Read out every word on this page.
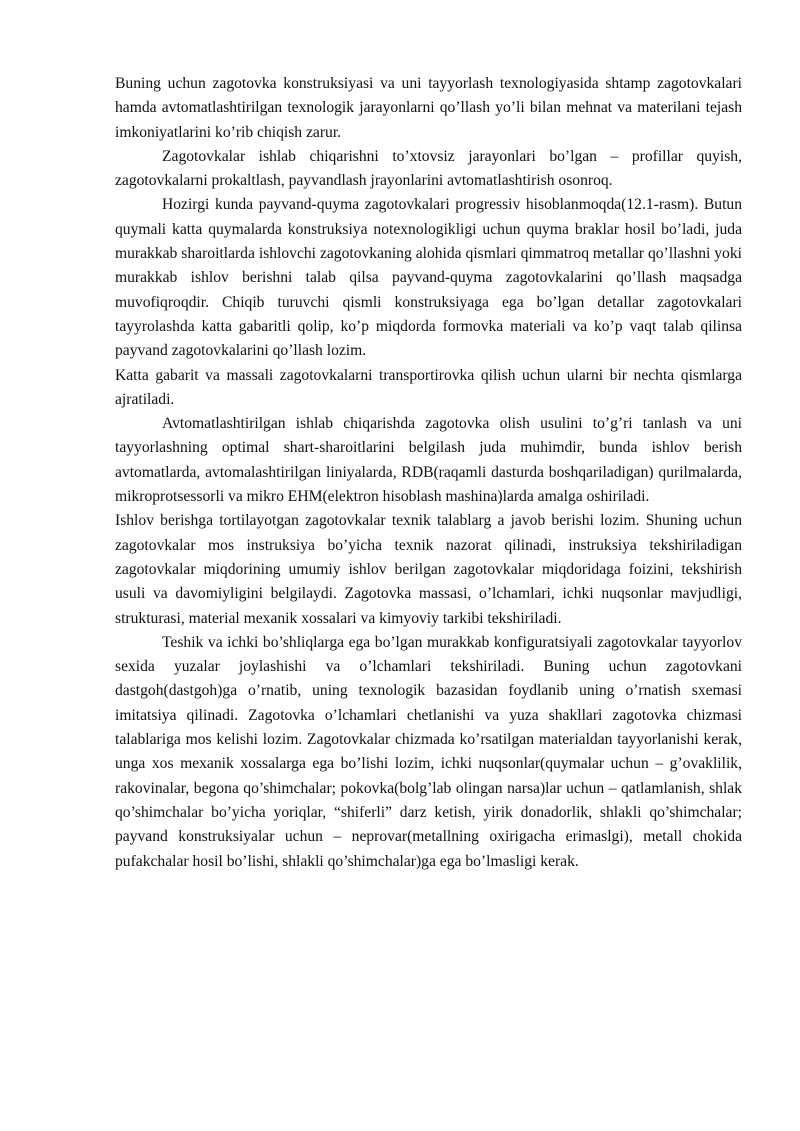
Buning uchun zagotovka konstruksiyasi va uni tayyorlash texnologiyasida shtamp zagotovkalari hamda avtomatlashtirilgan texnologik jarayonlarni qo’llash yo’li bilan mehnat va materilani tejash imkoniyatlarini ko’rib chiqish zarur.

Zagotovkalar ishlab chiqarishni to’xtovsiz jarayonlari bo’lgan – profillar quyish, zagotovkalarni prokaltlash, payvandlash jrayonlarini avtomatlashtirish osonroq.

Hozirgi kunda payvand-quyma zagotovkalari progressiv hisoblanmoqda(12.1-rasm). Butun quymali katta quymalarda konstruksiya notexnologikligi uchun quyma braklar hosil bo’ladi, juda murakkab sharoitlarda ishlovchi zagotovkaning alohida qismlari qimmatroq metallar qo’llashni yoki murakkab ishlov berishni talab qilsa payvand-quyma zagotovkalarini qo’llash maqsadga muvofiqroqdir. Chiqib turuvchi qismli konstruksiyaga ega bo’lgan detallar zagotovkalari tayyrolashda katta gabaritli qolip, ko’p miqdorda formovka materiali va ko’p vaqt talab qilinsa payvand zagotovkalarini qo’llash lozim.

Katta gabarit va massali zagotovkalarni transportirovka qilish uchun ularni bir nechta qismlarga ajratiladi.

Avtomatlashtirilgan ishlab chiqarishda zagotovka olish usulini to’g’ri tanlash va uni tayyorlashning optimal shart-sharoitlarini belgilash juda muhimdir, bunda ishlov berish avtomatlarda, avtomalashtirilgan liniyalarda, RDB(raqamli dasturda boshqariladigan) qurilmalarda, mikroprotsessorli va mikro EHM(elektron hisoblash mashina)larda amalga oshiriladi.

Ishlov berishga tortilayotgan zagotovkalar texnik talablarg a javob berishi lozim. Shuning uchun zagotovkalar mos instruksiya bo’yicha texnik nazorat qilinadi, instruksiya tekshiriladigan zagotovkalar miqdorining umumiy ishlov berilgan zagotovkalar miqdoridaga foizini, tekshirish usuli va davomiyligini belgilaydi. Zagotovka massasi, o’lchamlari, ichki nuqsonlar mavjudligi, strukturasi, material mexanik xossalari va kimyoviy tarkibi tekshiriladi.

Teshik va ichki bo’shliqlarga ega bo’lgan murakkab konfiguratsiyali zagotovkalar tayyorlov sexida yuzalar joylashishi va o’lchamlari tekshiriladi. Buning uchun zagotovkani dastgoh(dastgoh)ga o’rnatib, uning texnologik bazasidan foydlanib uning o’rnatish sxemasi imitatsiya qilinadi. Zagotovka o’lchamlari chetlanishi va yuza shakllari zagotovka chizmasi talablariga mos kelishi lozim. Zagotovkalar chizmada ko’rsatilgan materialdan tayyorlanishi kerak, unga xos mexanik xossalarga ega bo’lishi lozim, ichki nuqsonlar(quymalar uchun – g’ovaklilik, rakovinalar, begona qo’shimchalar; pokovka(bolg’lab olingan narsa)lar uchun – qatlamlanish, shlak qo’shimchalar bo’yicha yoriqlar, “shiferli” darz ketish, yirik donadorlik, shlakli qo’shimchalar; payvand konstruksiyalar uchun – neprovar(metallning oxirigacha erimaslgi), metall chokida pufakchalar hosil bo’lishi, shlakli qo’shimchalar)ga ega bo’lmasligi kerak.
